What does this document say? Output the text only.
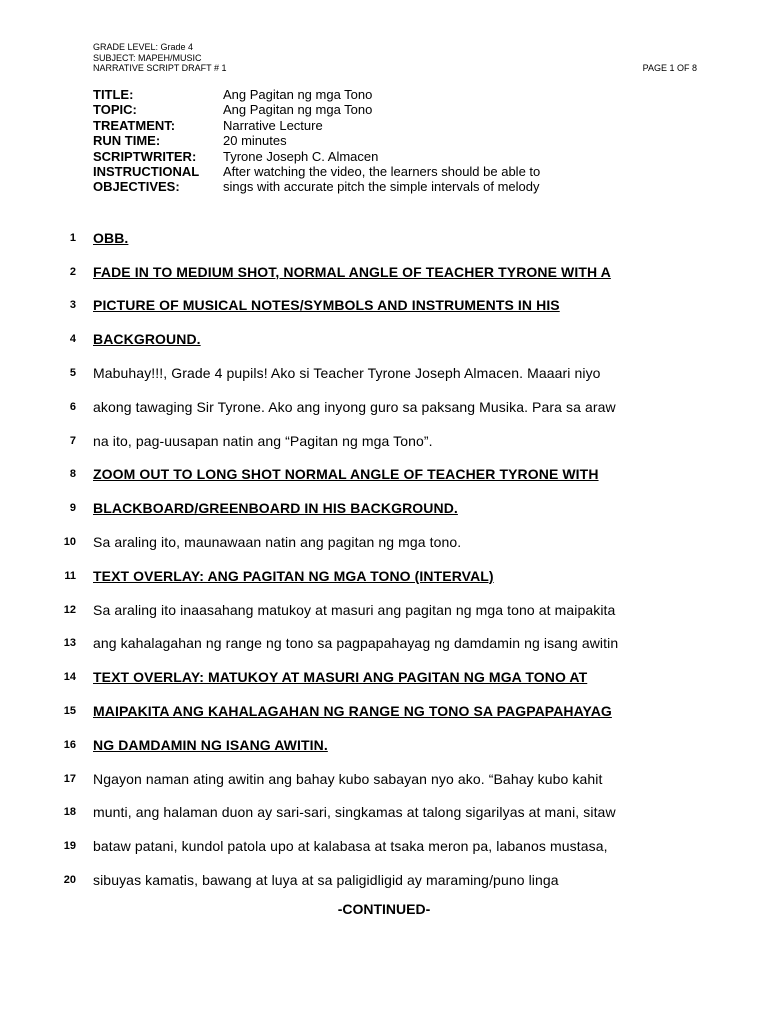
GRADE LEVEL: Grade 4
SUBJECT: MAPEH/MUSIC
NARRATIVE SCRIPT DRAFT # 1	PAGE 1 OF 8
TITLE:	Ang Pagitan ng mga Tono
TOPIC:	Ang Pagitan ng mga Tono
TREATMENT:	Narrative Lecture
RUN TIME:	20 minutes
SCRIPTWRITER:	Tyrone Joseph C. Almacen
INSTRUCTIONAL	After watching the video, the learners should be able to
OBJECTIVES:	sings with accurate pitch the simple intervals of melody
1 OBB.
2 FADE IN TO MEDIUM SHOT, NORMAL ANGLE OF TEACHER TYRONE WITH A
3 PICTURE OF MUSICAL NOTES/SYMBOLS AND INSTRUMENTS IN HIS
4 BACKGROUND.
5 Mabuhay!!!, Grade 4 pupils! Ako si Teacher Tyrone Joseph Almacen. Maaari niyo
6 akong tawaging Sir Tyrone. Ako ang inyong guro sa paksang Musika. Para sa araw
7 na ito, pag-uusapan natin ang “Pagitan ng mga Tono”.
8 ZOOM OUT TO LONG SHOT NORMAL ANGLE OF TEACHER TYRONE WITH
9 BLACKBOARD/GREENBOARD IN HIS BACKGROUND.
10 Sa araling ito, maunawaan natin ang pagitan ng mga tono.
11 TEXT OVERLAY: ANG PAGITAN NG MGA TONO (INTERVAL)
12 Sa araling ito inaasahang matukoy at masuri ang pagitan ng mga tono at maipakita
13 ang kahalagahan ng range ng tono sa pagpapahayag ng damdamin ng isang awitin
14 TEXT OVERLAY: MATUKOY AT MASURI ANG PAGITAN NG MGA TONO AT
15 MAIPAKITA ANG KAHALAGAHAN NG RANGE NG TONO SA PAGPAPAHAYAG
16 NG DAMDAMIN NG ISANG AWITIN.
17 Ngayon naman ating awitin ang bahay kubo sabayan nyo ako. “Bahay kubo kahit
18 munti, ang halaman duon ay sari-sari, singkamas at talong sigarilyas at mani, sitaw
19 bataw patani, kundol patola upo at kalabasa at tsaka meron pa, labanos mustasa,
20 sibuyas kamatis, bawang at luya at sa paligidligid ay maraming/puno linga
-CONTINUED-
